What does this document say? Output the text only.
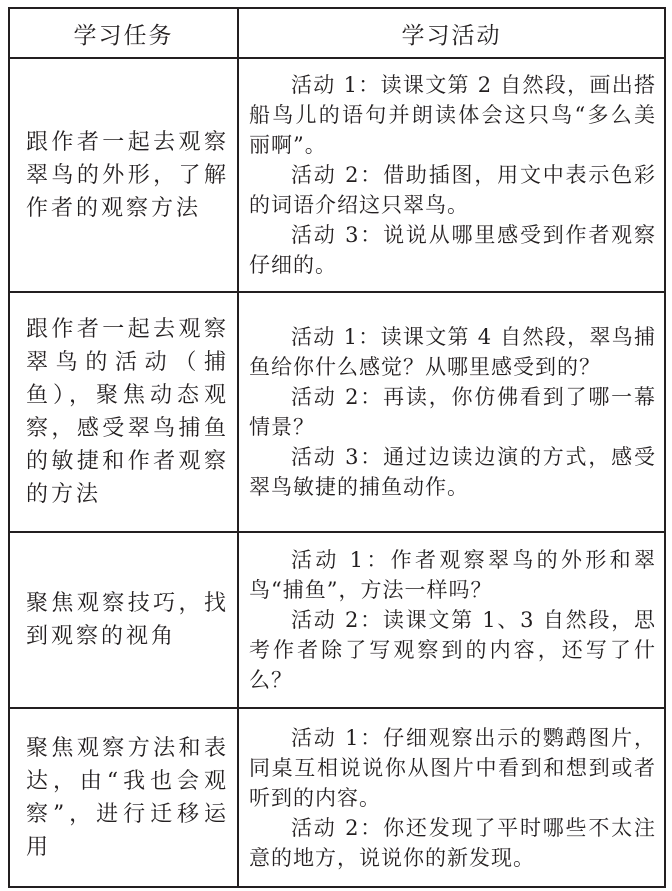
学习任务	学习活动
跟作者一起去观察翠鸟的外形，了解作者的观察方法	活动 1：读课文第 2 自然段，画出搭船鸟儿的语句并朗读体会这只鸟“多么美丽啊”。

活动 2：借助插图，用文中表示色彩的词语介绍这只翠鸟。

活动 3：说说从哪里感受到作者观察仔细的。

跟作者一起去观察翠鸟的活动（捕鱼），聚焦动态观察，感受翠鸟捕鱼的敏捷和作者观察的方法	活动 1：读课文第 4 自然段，翠鸟捕鱼给你什么感觉？从哪里感受到的？

活动 2：再读，你仿佛看到了哪一幕情景？

活动 3：通过边读边演的方式，感受翠鸟敏捷的捕鱼动作。

聚焦观察技巧，找到观察的视角	活动 1：作者观察翠鸟的外形和翠鸟“捕鱼”，方法一样吗？

活动 2：读课文第 1、3 自然段，思考作者除了写观察到的内容，还写了什么？

聚焦观察方法和表达，由“我也会观察”，进行迁移运用	活动 1：仔细观察出示的鹦鹉图片，同桌互相说说你从图片中看到和想到或者听到的内容。

活动 2：你还发现了平时哪些不太注意的地方，说说你的新发现。
